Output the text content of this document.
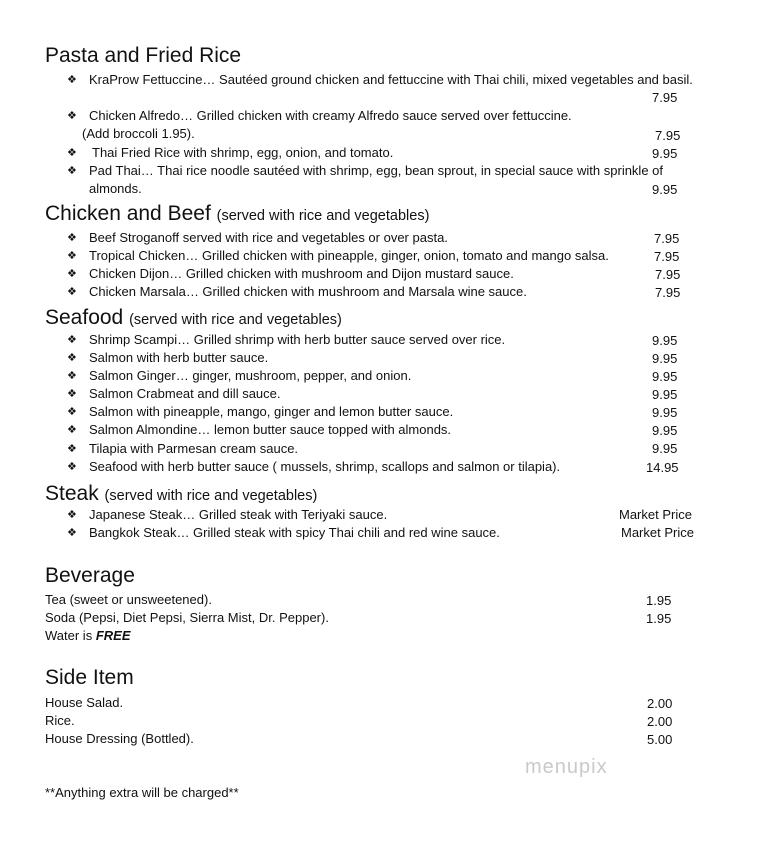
Pasta and Fried Rice
❖ KraProw Fettuccine… Sautéed ground chicken and fettuccine with Thai chili, mixed vegetables and basil.
7.95
❖ Chicken Alfredo… Grilled chicken with creamy Alfredo sauce served over fettuccine.
(Add broccoli 1.95).	7.95
❖ Thai Fried Rice with shrimp, egg, onion, and tomato.	9.95
❖ Pad Thai… Thai rice noodle sautéed with shrimp, egg, bean sprout, in special sauce with sprinkle of almonds.	9.95
Chicken and Beef (served with rice and vegetables)
❖ Beef Stroganoff served with rice and vegetables or over pasta.	7.95
❖ Tropical Chicken… Grilled chicken with pineapple, ginger, onion, tomato and mango salsa.	7.95
❖ Chicken Dijon… Grilled chicken with mushroom and Dijon mustard sauce.	7.95
❖ Chicken Marsala… Grilled chicken with mushroom and Marsala wine sauce.	7.95
Seafood (served with rice and vegetables)
❖ Shrimp Scampi… Grilled shrimp with herb butter sauce served over rice.	9.95
❖ Salmon with herb butter sauce.	9.95
❖ Salmon Ginger… ginger, mushroom, pepper, and onion.	9.95
❖ Salmon Crabmeat and dill sauce.	9.95
❖ Salmon with pineapple, mango, ginger and lemon butter sauce.	9.95
❖ Salmon Almondine… lemon butter sauce topped with almonds.	9.95
❖ Tilapia with Parmesan cream sauce.	9.95
❖ Seafood with herb butter sauce ( mussels, shrimp, scallops and salmon or tilapia).	14.95
Steak (served with rice and vegetables)
❖ Japanese Steak… Grilled steak with Teriyaki sauce.	Market Price
❖ Bangkok Steak… Grilled steak with spicy Thai chili and red wine sauce.	Market Price
Beverage
Tea (sweet or unsweetened).	1.95
Soda (Pepsi, Diet Pepsi, Sierra Mist, Dr. Pepper).	1.95
Water is FREE
Side Item
House Salad.	2.00
Rice.	2.00
House Dressing (Bottled).	5.00
menupix
**Anything extra will be charged**
